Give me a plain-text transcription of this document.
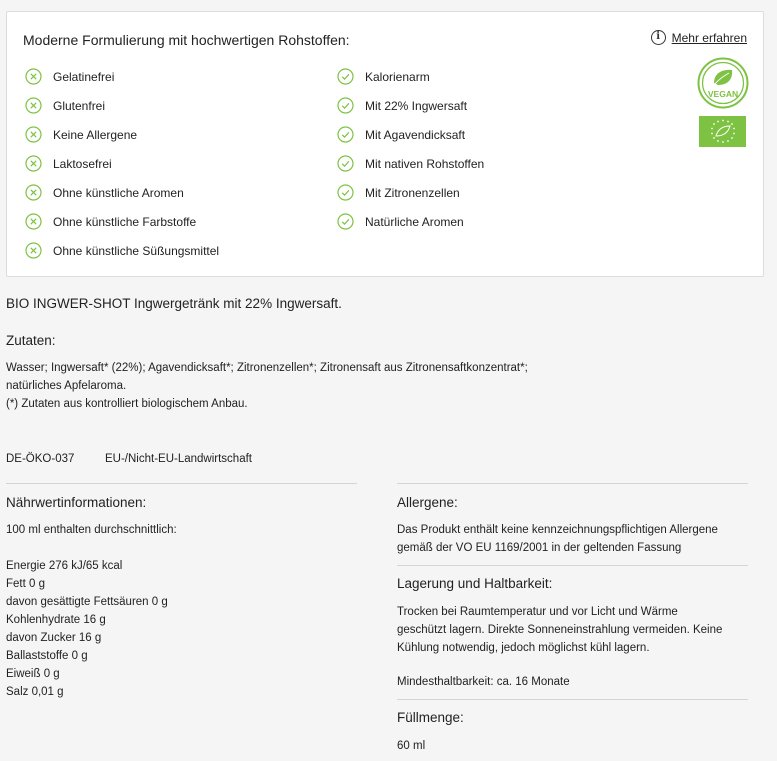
Moderne Formulierung mit hochwertigen Rohstoffen:	i Mehr erfahren
Gelatinefrei
Glutenfrei
Keine Allergene
Laktosefrei
Ohne künstliche Aromen
Ohne künstliche Farbstoffe
Ohne künstliche Süßungsmittel
Kalorienarm
Mit 22% Ingwersaft
Mit Agavendicksaft
Mit nativen Rohstoffen
Mit Zitronenzellen
Natürliche Aromen
VEGAN
BIO INGWER-SHOT Ingwergetränk mit 22% Ingwersaft.
Zutaten:
Wasser; Ingwersaft* (22%); Agavendicksaft*; Zitronenzellen*; Zitronensaft aus Zitronensaftkonzentrat*;
natürliches Apfelaroma.
(*) Zutaten aus kontrolliert biologischem Anbau.
DE-ÖKO-037	EU-/Nicht-EU-Landwirtschaft
Nährwertinformationen:
100 ml enthalten durchschnittlich:
Energie 276 kJ/65 kcal
Fett 0 g
davon gesättigte Fettsäuren 0 g
Kohlenhydrate 16 g
davon Zucker 16 g
Ballaststoffe 0 g
Eiweiß 0 g
Salz 0,01 g
Allergene:
Das Produkt enthält keine kennzeichnungspflichtigen Allergene
gemäß der VO EU 1169/2001 in der geltenden Fassung
Lagerung und Haltbarkeit:
Trocken bei Raumtemperatur und vor Licht und Wärme
geschützt lagern. Direkte Sonneneinstrahlung vermeiden. Keine
Kühlung notwendig, jedoch möglichst kühl lagern.
Mindesthaltbarkeit: ca. 16 Monate
Füllmenge:
60 ml
